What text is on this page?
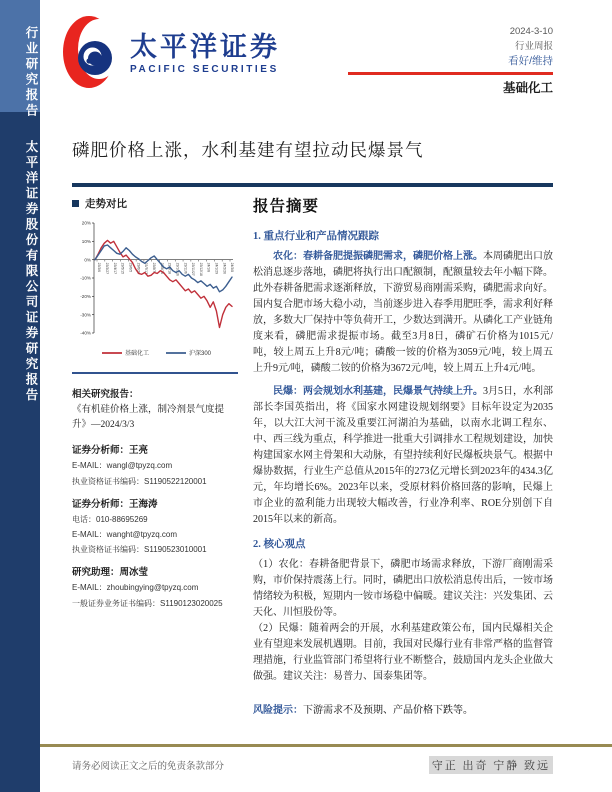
行业研究报告
太平洋证券股份有限公司证券研究报告
太平洋证券
PACIFIC SECURITIES
2024-3-10
行业周报
看好/维持
基础化工
磷肥价格上涨，水利基建有望拉动民爆景气
走势对比
20%
10%
0%
-10%
-20%
-30%
-40%
23/3/6 23/3/27 23/4/17 23/5/15 23/6/5 23/6/26 23/7/17 23/8/7 23/8/28 23/9/18 23/10/16 23/11/6 23/11/27 23/12/18 24/1/8 24/1/29 24/2/26 24/3/8
基础化工	沪深300
相关研究报告：
《有机硅价格上涨，制冷剂景气度提升》—2024/3/3
证券分析师：王亮
E-MAIL：wangl@tpyzq.com
执业资格证书编码：S1190522120001
证券分析师：王海涛
电话：010-88695269
E-MAIL：wanght@tpyzq.com
执业资格证书编码：S1190523010001
研究助理：周冰莹
E-MAIL：zhoubingying@tpyzq.com
一般证券业务证书编码：S1190123020025
报告摘要
1. 重点行业和产品情况跟踪

农化：春耕备肥提振磷肥需求，磷肥价格上涨。本周磷肥出口放松消息逐步落地，磷肥将执行出口配额制，配额量较去年小幅下降。此外春耕备肥需求逐渐释放，下游贸易商刚需采购，磷肥需求向好。国内复合肥市场大稳小动，当前逐步进入春季用肥旺季，需求利好释放，多数大厂保持中等负荷开工，少数达到满开。从磷化工产业链角度来看，磷肥需求提振市场。截至3月8日，磷矿石价格为1015元/吨，较上周五上升8元/吨；磷酸一铵的价格为3059元/吨，较上周五上升9元/吨，磷酸二铵的价格为3672元/吨，较上周五上升4元/吨。

民爆：两会规划水利基建，民爆景气持续上升。3月5日，水利部部长李国英指出，将《国家水网建设规划纲要》目标年设定为2035年，以大江大河干流及重要江河湖泊为基础，以南水北调工程东、中、西三线为重点，科学推进一批重大引调排水工程规划建设，加快构建国家水网主骨架和大动脉，有望持续利好民爆板块景气。根据中爆协数据，行业生产总值从2015年的273亿元增长到2023年的434.3亿元，年均增长6%。2023年以来，受原材料价格回落的影响，民爆上市企业的盈利能力出现较大幅改善，行业净利率、ROE分别创下自2015年以来的新高。

2. 核心观点

（1）农化：春耕备肥背景下，磷肥市场需求释放，下游厂商刚需采购，市价保持震荡上行。同时，磷肥出口放松消息传出后，一铵市场情绪较为积极，短期内一铵市场稳中偏暖。建议关注：兴发集团、云天化、川恒股份等。

（2）民爆：随着两会的开展，水利基建政策公布，国内民爆相关企业有望迎来发展机遇期。目前，我国对民爆行业有非常严格的监督管理措施，行业监管部门希望将行业不断整合，鼓励国内龙头企业做大做强。建议关注：易普力、国泰集团等。

风险提示：下游需求不及预期、产品价格下跌等。
请务必阅读正文之后的免责条款部分	守正 出奇 宁静 致远
